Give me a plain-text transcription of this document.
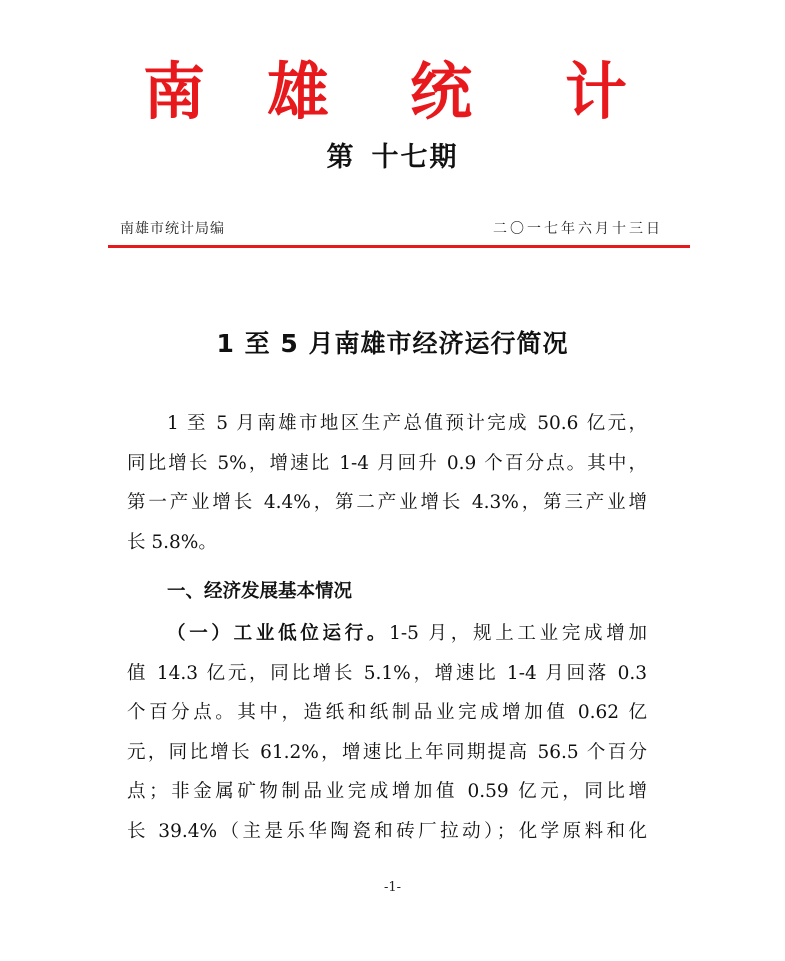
南 雄 统 计
第 十七期
南雄市统计局编	二〇一七年六月十三日
1 至 5 月南雄市经济运行简况
1 至 5 月南雄市地区生产总值预计完成 50.6 亿元，
同比增长 5%，增速比 1-4 月回升 0.9 个百分点。其中，
第一产业增长 4.4%，第二产业增长 4.3%，第三产业增
长 5.8%。
一、经济发展基本情况
（一）工业低位运行。1-5 月，规上工业完成增加
值 14.3 亿元，同比增长 5.1%，增速比 1-4 月回落 0.3
个百分点。其中，造纸和纸制品业完成增加值 0.62 亿
元，同比增长 61.2%，增速比上年同期提高 56.5 个百分
点；非金属矿物制品业完成增加值 0.59 亿元，同比增
长 39.4%（主是乐华陶瓷和砖厂拉动）；化学原料和化
-1-
